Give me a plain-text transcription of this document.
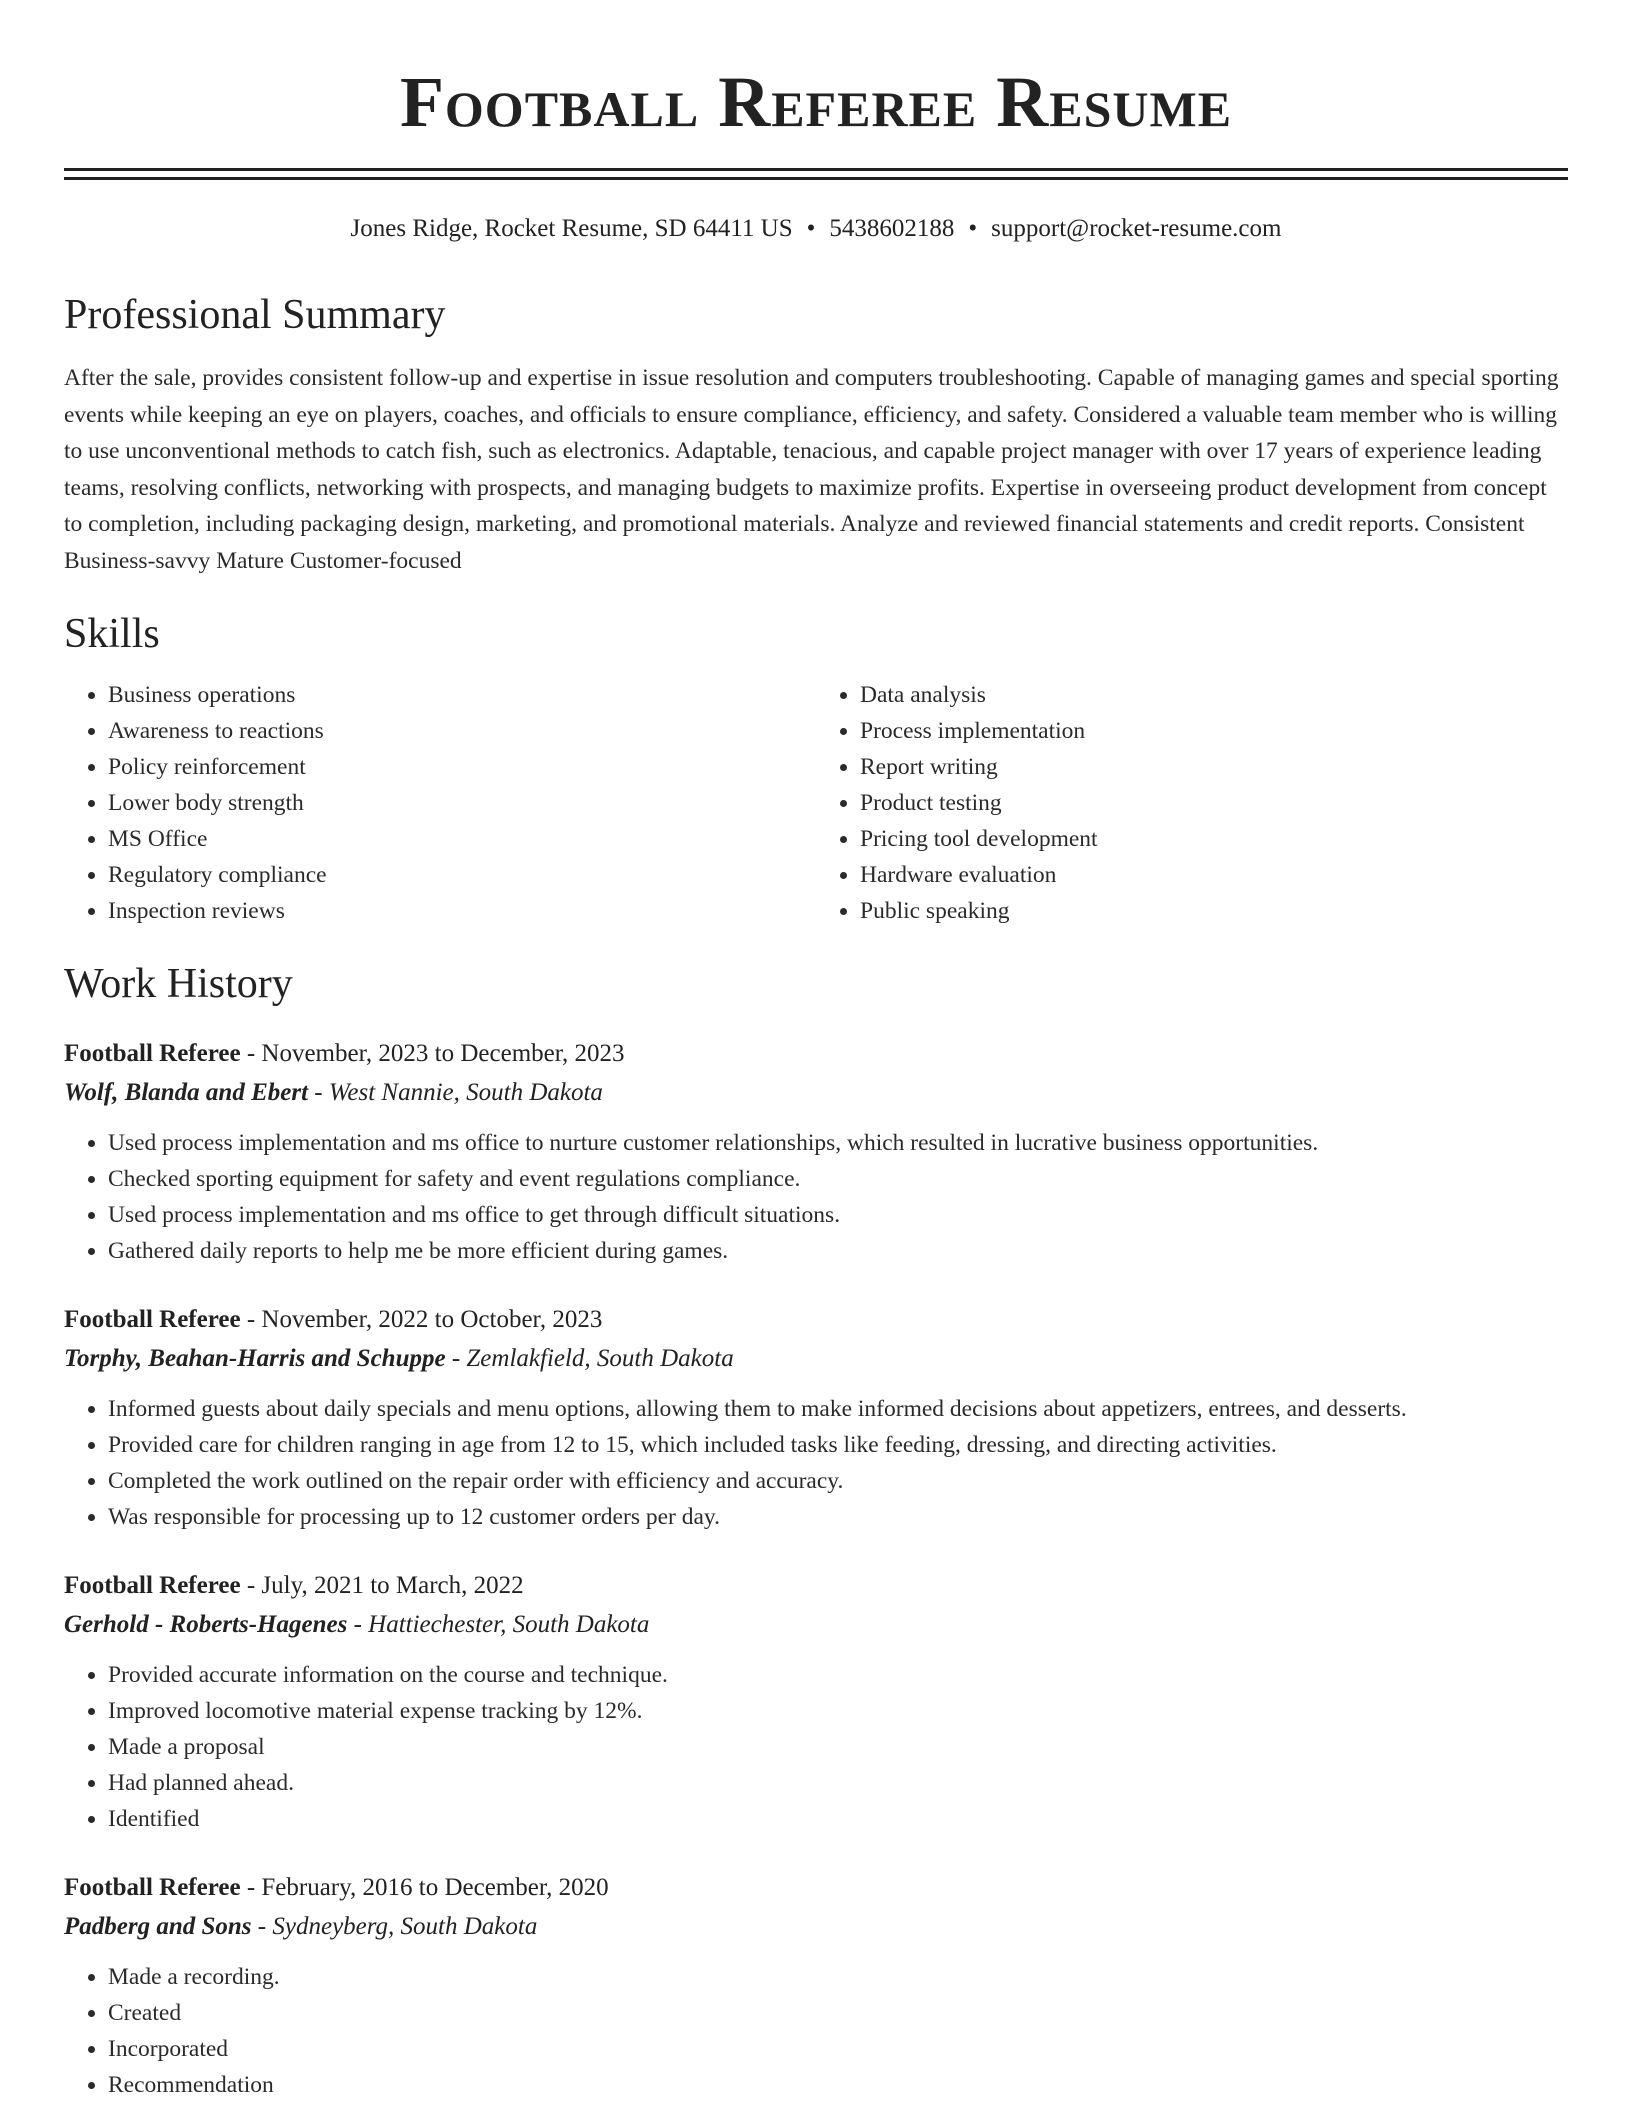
Football Referee Resume
Jones Ridge, Rocket Resume, SD 64411 US • 5438602188 • support@rocket-resume.com
Professional Summary
After the sale, provides consistent follow-up and expertise in issue resolution and computers troubleshooting. Capable of managing games and special sporting events while keeping an eye on players, coaches, and officials to ensure compliance, efficiency, and safety. Considered a valuable team member who is willing to use unconventional methods to catch fish, such as electronics. Adaptable, tenacious, and capable project manager with over 17 years of experience leading teams, resolving conflicts, networking with prospects, and managing budgets to maximize profits. Expertise in overseeing product development from concept to completion, including packaging design, marketing, and promotional materials. Analyze and reviewed financial statements and credit reports. Consistent Business-savvy Mature Customer-focused
Skills
• Business operations
• Awareness to reactions
• Policy reinforcement
• Lower body strength
• MS Office
• Regulatory compliance
• Inspection reviews
• Data analysis
• Process implementation
• Report writing
• Product testing
• Pricing tool development
• Hardware evaluation
• Public speaking
Work History
Football Referee - November, 2023 to December, 2023
Wolf, Blanda and Ebert - West Nannie, South Dakota
• Used process implementation and ms office to nurture customer relationships, which resulted in lucrative business opportunities.
• Checked sporting equipment for safety and event regulations compliance.
• Used process implementation and ms office to get through difficult situations.
• Gathered daily reports to help me be more efficient during games.
Football Referee - November, 2022 to October, 2023
Torphy, Beahan-Harris and Schuppe - Zemlakfield, South Dakota
• Informed guests about daily specials and menu options, allowing them to make informed decisions about appetizers, entrees, and desserts.
• Provided care for children ranging in age from 12 to 15, which included tasks like feeding, dressing, and directing activities.
• Completed the work outlined on the repair order with efficiency and accuracy.
• Was responsible for processing up to 12 customer orders per day.
Football Referee - July, 2021 to March, 2022
Gerhold - Roberts-Hagenes - Hattiechester, South Dakota
• Provided accurate information on the course and technique.
• Improved locomotive material expense tracking by 12%.
• Made a proposal
• Had planned ahead.
• Identified
Football Referee - February, 2016 to December, 2020
Padberg and Sons - Sydneyberg, South Dakota
• Made a recording.
• Created
• Incorporated
• Recommendation
